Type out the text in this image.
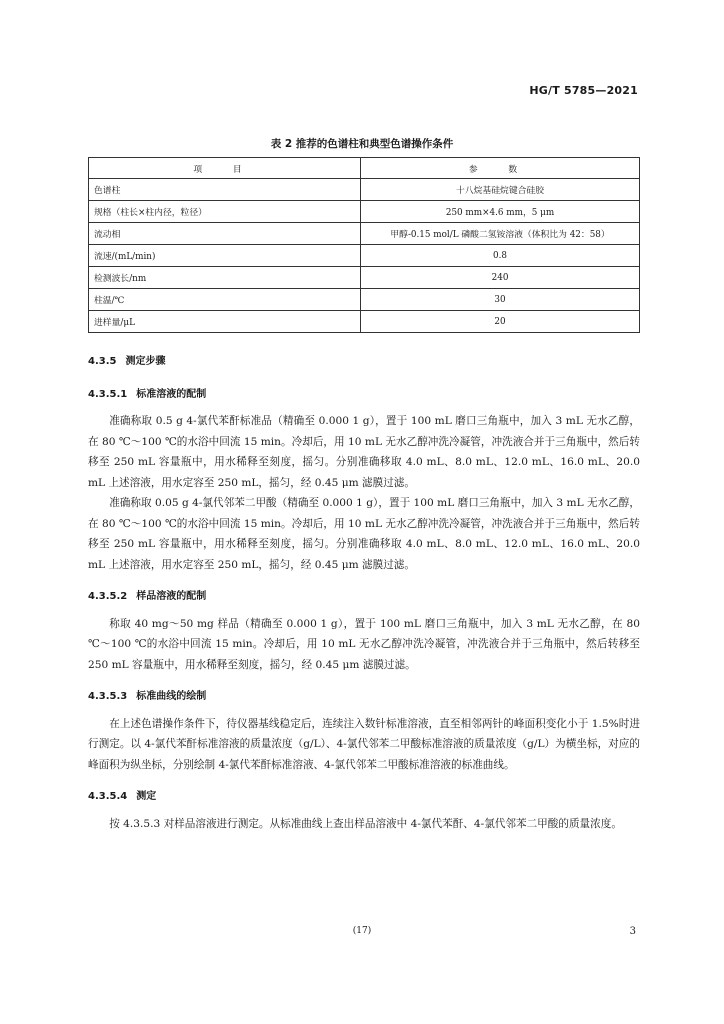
HG/T 5785—2021
表 2 推荐的色谱柱和典型色谱操作条件
项 目	参 数
色谱柱	十八烷基硅烷键合硅胶
规格（柱长×柱内径，粒径）	250 mm×4.6 mm，5 μm
流动相	甲醇-0.15 mol/L 磷酸二氢铵溶液（体积比为 42：58）
流速/(mL/min)	0.8
检测波长/nm	240
柱温/℃	30
进样量/μL	20
4.3.5 测定步骤
4.3.5.1 标准溶液的配制

准确称取 0.5 g 4-氯代苯酐标准品（精确至 0.000 1 g），置于 100 mL 磨口三角瓶中，加入 3 mL 无水乙醇，在 80 ℃～100 ℃的水浴中回流 15 min。冷却后，用 10 mL 无水乙醇冲洗冷凝管，冲洗液合并于三角瓶中，然后转移至 250 mL 容量瓶中，用水稀释至刻度，摇匀。分别准确移取 4.0 mL、8.0 mL、12.0 mL、16.0 mL、20.0 mL 上述溶液，用水定容至 250 mL，摇匀，经 0.45 μm 滤膜过滤。

准确称取 0.05 g 4-氯代邻苯二甲酸（精确至 0.000 1 g），置于 100 mL 磨口三角瓶中，加入 3 mL 无水乙醇，在 80 ℃～100 ℃的水浴中回流 15 min。冷却后，用 10 mL 无水乙醇冲洗冷凝管，冲洗液合并于三角瓶中，然后转移至 250 mL 容量瓶中，用水稀释至刻度，摇匀。分别准确移取 4.0 mL、8.0 mL、12.0 mL、16.0 mL、20.0 mL 上述溶液，用水定容至 250 mL，摇匀，经 0.45 μm 滤膜过滤。

4.3.5.2 样品溶液的配制

称取 40 mg～50 mg 样品（精确至 0.000 1 g），置于 100 mL 磨口三角瓶中，加入 3 mL 无水乙醇，在 80 ℃～100 ℃的水浴中回流 15 min。冷却后，用 10 mL 无水乙醇冲洗冷凝管，冲洗液合并于三角瓶中，然后转移至 250 mL 容量瓶中，用水稀释至刻度，摇匀，经 0.45 μm 滤膜过滤。

4.3.5.3 标准曲线的绘制

在上述色谱操作条件下，待仪器基线稳定后，连续注入数针标准溶液，直至相邻两针的峰面积变化小于 1.5%时进行测定。以 4-氯代苯酐标准溶液的质量浓度（g/L）、4-氯代邻苯二甲酸标准溶液的质量浓度（g/L）为横坐标，对应的峰面积为纵坐标，分别绘制 4-氯代苯酐标准溶液、4-氯代邻苯二甲酸标准溶液的标准曲线。

4.3.5.4 测定

按 4.3.5.3 对样品溶液进行测定。从标准曲线上查出样品溶液中 4-氯代苯酐、4-氯代邻苯二甲酸的质量浓度。

(17)	3
